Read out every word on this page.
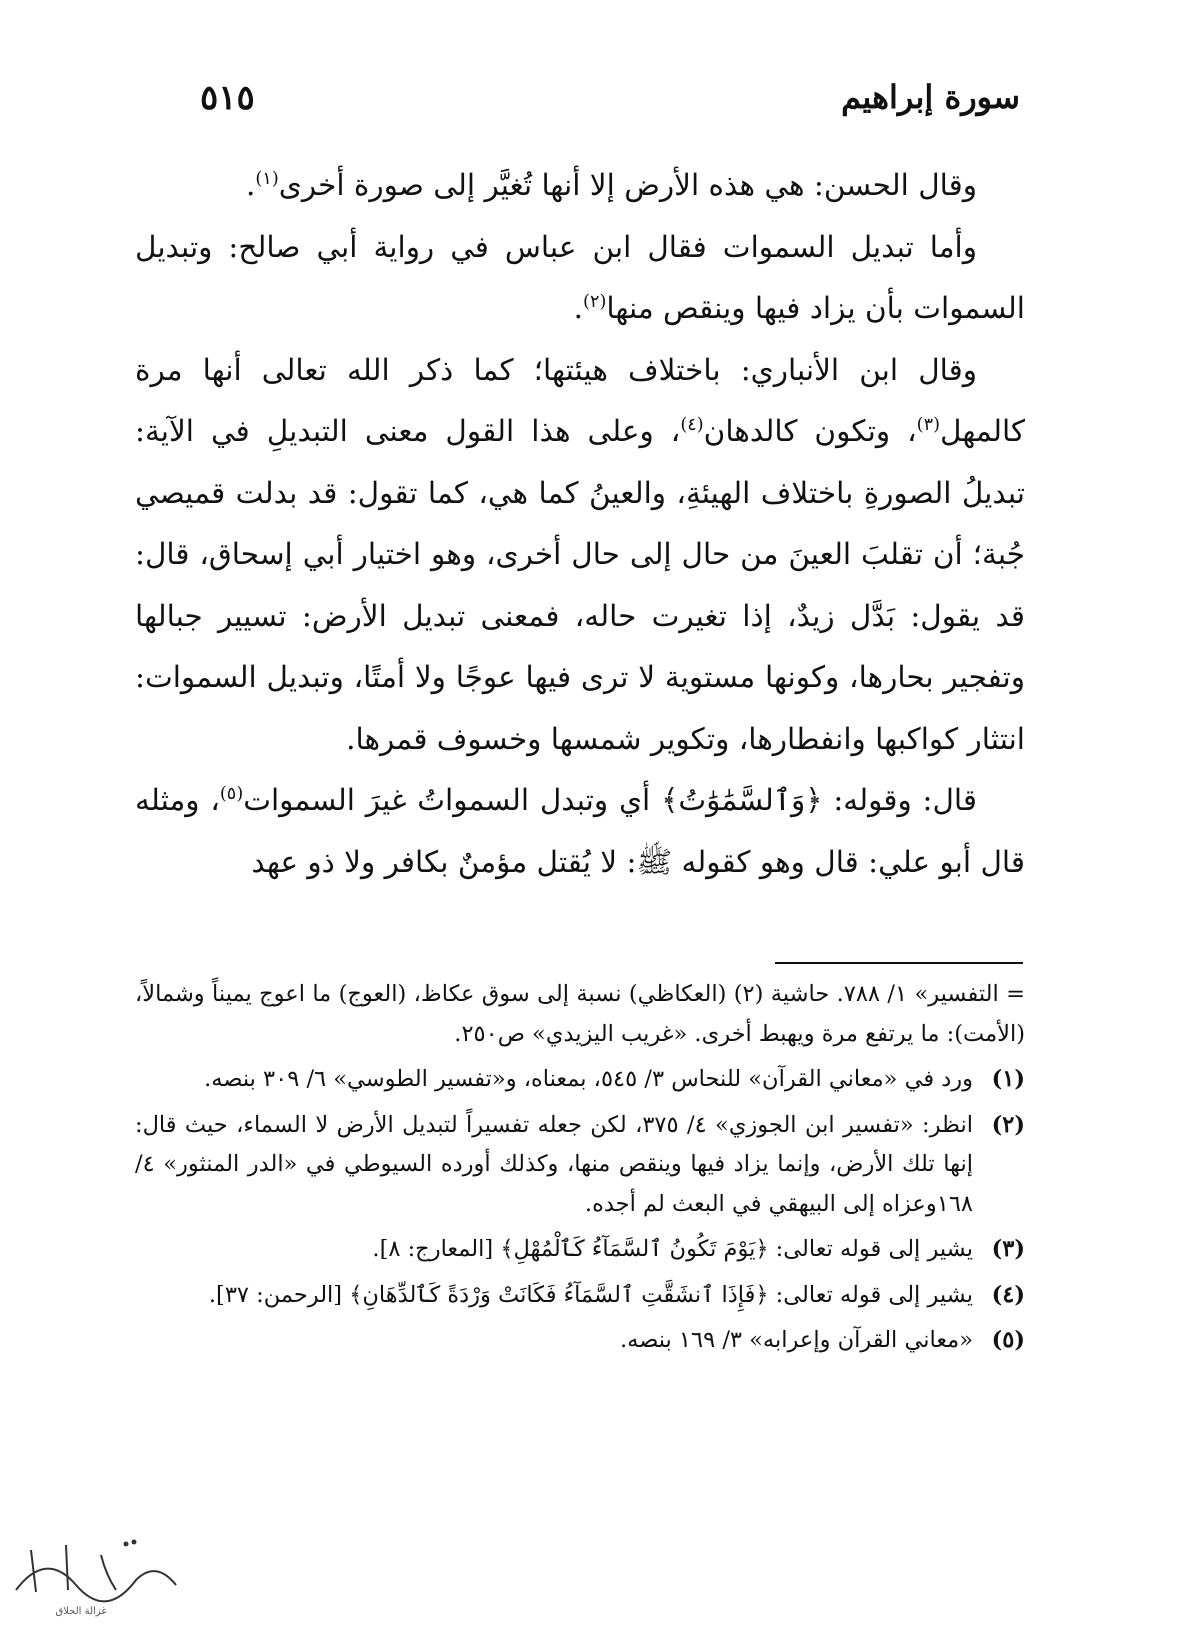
سورة إبراهيم
٥١٥

وقال الحسن: هي هذه الأرض إلا أنها تُغيَّر إلى صورة أخرى$^{(١)}$.

وأما تبديل السموات فقال ابن عباس في رواية أبي صالح: وتبديل السموات بأن يزاد فيها وينقص منها$^{(٢)}$.

وقال ابن الأنباري: باختلاف هيئتها؛ كما ذكر الله تعالى أنها مرة كالمهل$^{(٣)}$، وتكون كالدهان$^{(٤)}$، وعلى هذا القول معنى التبديلِ في الآية: تبديلُ الصورةِ باختلاف الهيئةِ، والعينُ كما هي، كما تقول: قد بدلت قميصي جُبة؛ أن تقلبَ العينَ من حال إلى حال أخرى، وهو اختيار أبي إسحاق، قال: قد يقول: بَدَّل زيدٌ، إذا تغيرت حاله، فمعنى تبديل الأرض: تسيير جبالها وتفجير بحارها، وكونها مستوية لا ترى فيها عوجًا ولا أمتًا، وتبديل السموات: انتثار كواكبها وانفطارها، وتكوير شمسها وخسوف قمرها.

قال: وقوله: ﴿وَٱلسَّمَٰوَٰتُ﴾ أي وتبدل السمواتُ غيرَ السموات$^{(٥)}$، ومثله قال أبو علي: قال وهو كقوله ﷺ: لا يُقتل مؤمنٌ بكافر ولا ذو عهد

= التفسير» ١/ ٧٨٨. حاشية (٢) (العكاظي) نسبة إلى سوق عكاظ، (العوج) ما اعوج يميناً وشمالاً، (الأمت): ما يرتفع مرة ويهبط أخرى. «غريب اليزيدي» ص٢٥٠.

(١)
ورد في «معاني القرآن» للنحاس ٣/ ٥٤٥، بمعناه، و«تفسير الطوسي» ٦/ ٣٠٩ بنصه.
(٢)
انظر: «تفسير ابن الجوزي» ٤/ ٣٧٥، لكن جعله تفسيراً لتبديل الأرض لا السماء، حيث قال: إنها تلك الأرض، وإنما يزاد فيها وينقص منها، وكذلك أورده السيوطي في «الدر المنثور» ٤/ ١٦٨وعزاه إلى البيهقي في البعث لم أجده.
(٣)
يشير إلى قوله تعالى: ﴿يَوْمَ تَكُونُ ٱلسَّمَآءُ كَٱلْمُهْلِ﴾ [المعارج: ٨].
(٤)
يشير إلى قوله تعالى: ﴿فَإِذَا ٱنشَقَّتِ ٱلسَّمَآءُ فَكَانَتْ وَرْدَةً كَٱلدِّهَانِ﴾ [الرحمن: ٣٧].
(٥)
«معاني القرآن وإعرابه» ٣/ ١٦٩ بنصه.
غزالة الحلاق
